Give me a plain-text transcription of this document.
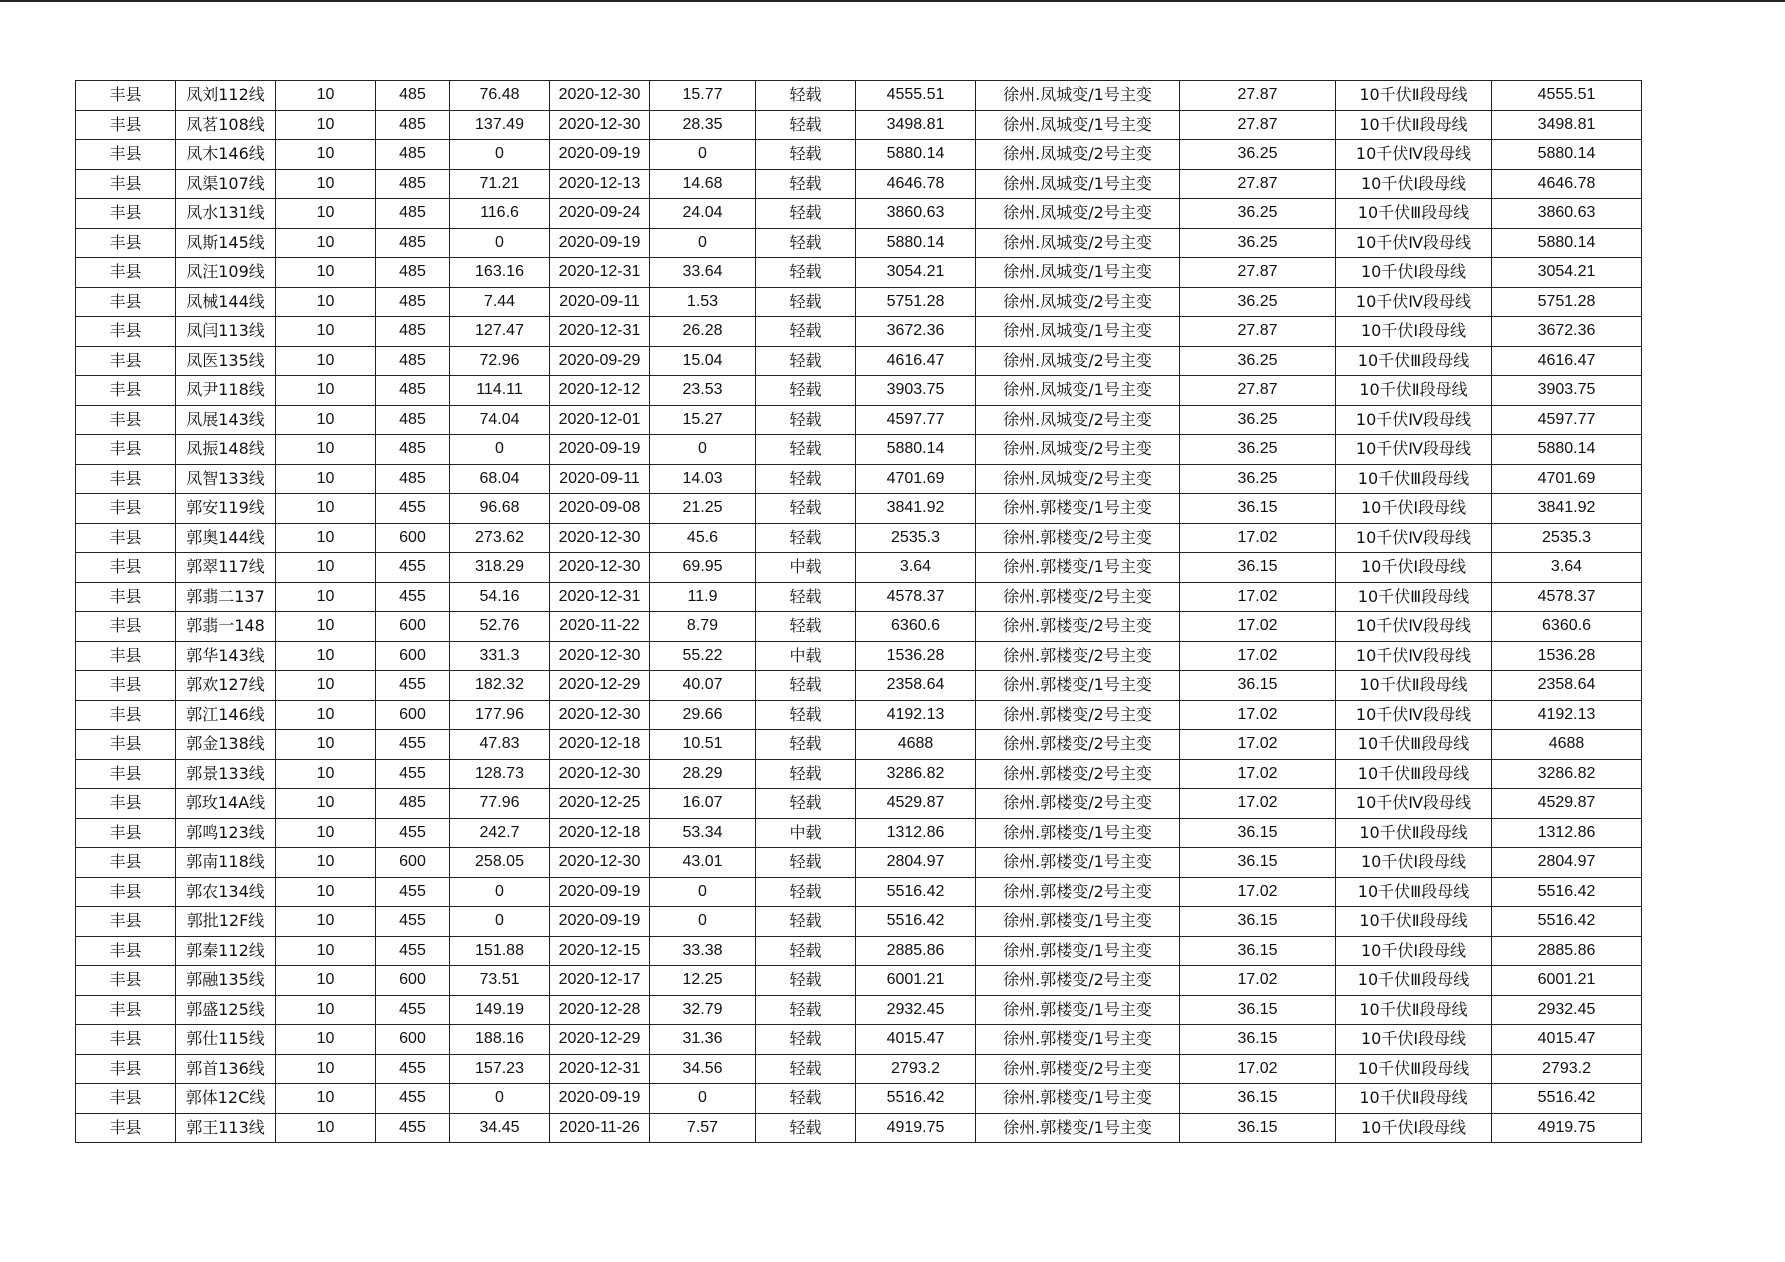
丰县	凤刘112线	10	485	76.48	2020-12-30	15.77	轻载	4555.51	徐州.凤城变/1号主变	27.87	10千伏Ⅱ段母线	4555.51
丰县	凤茗108线	10	485	137.49	2020-12-30	28.35	轻载	3498.81	徐州.凤城变/1号主变	27.87	10千伏Ⅱ段母线	3498.81
丰县	凤木146线	10	485	0	2020-09-19	0	轻载	5880.14	徐州.凤城变/2号主变	36.25	10千伏Ⅳ段母线	5880.14
丰县	凤渠107线	10	485	71.21	2020-12-13	14.68	轻载	4646.78	徐州.凤城变/1号主变	27.87	10千伏Ⅰ段母线	4646.78
丰县	凤水131线	10	485	116.6	2020-09-24	24.04	轻载	3860.63	徐州.凤城变/2号主变	36.25	10千伏Ⅲ段母线	3860.63
丰县	凤斯145线	10	485	0	2020-09-19	0	轻载	5880.14	徐州.凤城变/2号主变	36.25	10千伏Ⅳ段母线	5880.14
丰县	凤汪109线	10	485	163.16	2020-12-31	33.64	轻载	3054.21	徐州.凤城变/1号主变	27.87	10千伏Ⅰ段母线	3054.21
丰县	凤械144线	10	485	7.44	2020-09-11	1.53	轻载	5751.28	徐州.凤城变/2号主变	36.25	10千伏Ⅳ段母线	5751.28
丰县	凤闫113线	10	485	127.47	2020-12-31	26.28	轻载	3672.36	徐州.凤城变/1号主变	27.87	10千伏Ⅰ段母线	3672.36
丰县	凤医135线	10	485	72.96	2020-09-29	15.04	轻载	4616.47	徐州.凤城变/2号主变	36.25	10千伏Ⅲ段母线	4616.47
丰县	凤尹118线	10	485	114.11	2020-12-12	23.53	轻载	3903.75	徐州.凤城变/1号主变	27.87	10千伏Ⅱ段母线	3903.75
丰县	凤展143线	10	485	74.04	2020-12-01	15.27	轻载	4597.77	徐州.凤城变/2号主变	36.25	10千伏Ⅳ段母线	4597.77
丰县	凤振148线	10	485	0	2020-09-19	0	轻载	5880.14	徐州.凤城变/2号主变	36.25	10千伏Ⅳ段母线	5880.14
丰县	凤智133线	10	485	68.04	2020-09-11	14.03	轻载	4701.69	徐州.凤城变/2号主变	36.25	10千伏Ⅲ段母线	4701.69
丰县	郭安119线	10	455	96.68	2020-09-08	21.25	轻载	3841.92	徐州.郭楼变/1号主变	36.15	10千伏Ⅰ段母线	3841.92
丰县	郭奥144线	10	600	273.62	2020-12-30	45.6	轻载	2535.3	徐州.郭楼变/2号主变	17.02	10千伏Ⅳ段母线	2535.3
丰县	郭翠117线	10	455	318.29	2020-12-30	69.95	中载	3.64	徐州.郭楼变/1号主变	36.15	10千伏Ⅰ段母线	3.64
丰县	郭翡二137	10	455	54.16	2020-12-31	11.9	轻载	4578.37	徐州.郭楼变/2号主变	17.02	10千伏Ⅲ段母线	4578.37
丰县	郭翡一148	10	600	52.76	2020-11-22	8.79	轻载	6360.6	徐州.郭楼变/2号主变	17.02	10千伏Ⅳ段母线	6360.6
丰县	郭华143线	10	600	331.3	2020-12-30	55.22	中载	1536.28	徐州.郭楼变/2号主变	17.02	10千伏Ⅳ段母线	1536.28
丰县	郭欢127线	10	455	182.32	2020-12-29	40.07	轻载	2358.64	徐州.郭楼变/1号主变	36.15	10千伏Ⅱ段母线	2358.64
丰县	郭江146线	10	600	177.96	2020-12-30	29.66	轻载	4192.13	徐州.郭楼变/2号主变	17.02	10千伏Ⅳ段母线	4192.13
丰县	郭金138线	10	455	47.83	2020-12-18	10.51	轻载	4688	徐州.郭楼变/2号主变	17.02	10千伏Ⅲ段母线	4688
丰县	郭景133线	10	455	128.73	2020-12-30	28.29	轻载	3286.82	徐州.郭楼变/2号主变	17.02	10千伏Ⅲ段母线	3286.82
丰县	郭玫14A线	10	485	77.96	2020-12-25	16.07	轻载	4529.87	徐州.郭楼变/2号主变	17.02	10千伏Ⅳ段母线	4529.87
丰县	郭鸣123线	10	455	242.7	2020-12-18	53.34	中载	1312.86	徐州.郭楼变/1号主变	36.15	10千伏Ⅱ段母线	1312.86
丰县	郭南118线	10	600	258.05	2020-12-30	43.01	轻载	2804.97	徐州.郭楼变/1号主变	36.15	10千伏Ⅰ段母线	2804.97
丰县	郭农134线	10	455	0	2020-09-19	0	轻载	5516.42	徐州.郭楼变/2号主变	17.02	10千伏Ⅲ段母线	5516.42
丰县	郭批12F线	10	455	0	2020-09-19	0	轻载	5516.42	徐州.郭楼变/1号主变	36.15	10千伏Ⅱ段母线	5516.42
丰县	郭秦112线	10	455	151.88	2020-12-15	33.38	轻载	2885.86	徐州.郭楼变/1号主变	36.15	10千伏Ⅰ段母线	2885.86
丰县	郭融135线	10	600	73.51	2020-12-17	12.25	轻载	6001.21	徐州.郭楼变/2号主变	17.02	10千伏Ⅲ段母线	6001.21
丰县	郭盛125线	10	455	149.19	2020-12-28	32.79	轻载	2932.45	徐州.郭楼变/1号主变	36.15	10千伏Ⅱ段母线	2932.45
丰县	郭仕115线	10	600	188.16	2020-12-29	31.36	轻载	4015.47	徐州.郭楼变/1号主变	36.15	10千伏Ⅰ段母线	4015.47
丰县	郭首136线	10	455	157.23	2020-12-31	34.56	轻载	2793.2	徐州.郭楼变/2号主变	17.02	10千伏Ⅲ段母线	2793.2
丰县	郭体12C线	10	455	0	2020-09-19	0	轻载	5516.42	徐州.郭楼变/1号主变	36.15	10千伏Ⅱ段母线	5516.42
丰县	郭王113线	10	455	34.45	2020-11-26	7.57	轻载	4919.75	徐州.郭楼变/1号主变	36.15	10千伏Ⅰ段母线	4919.75
